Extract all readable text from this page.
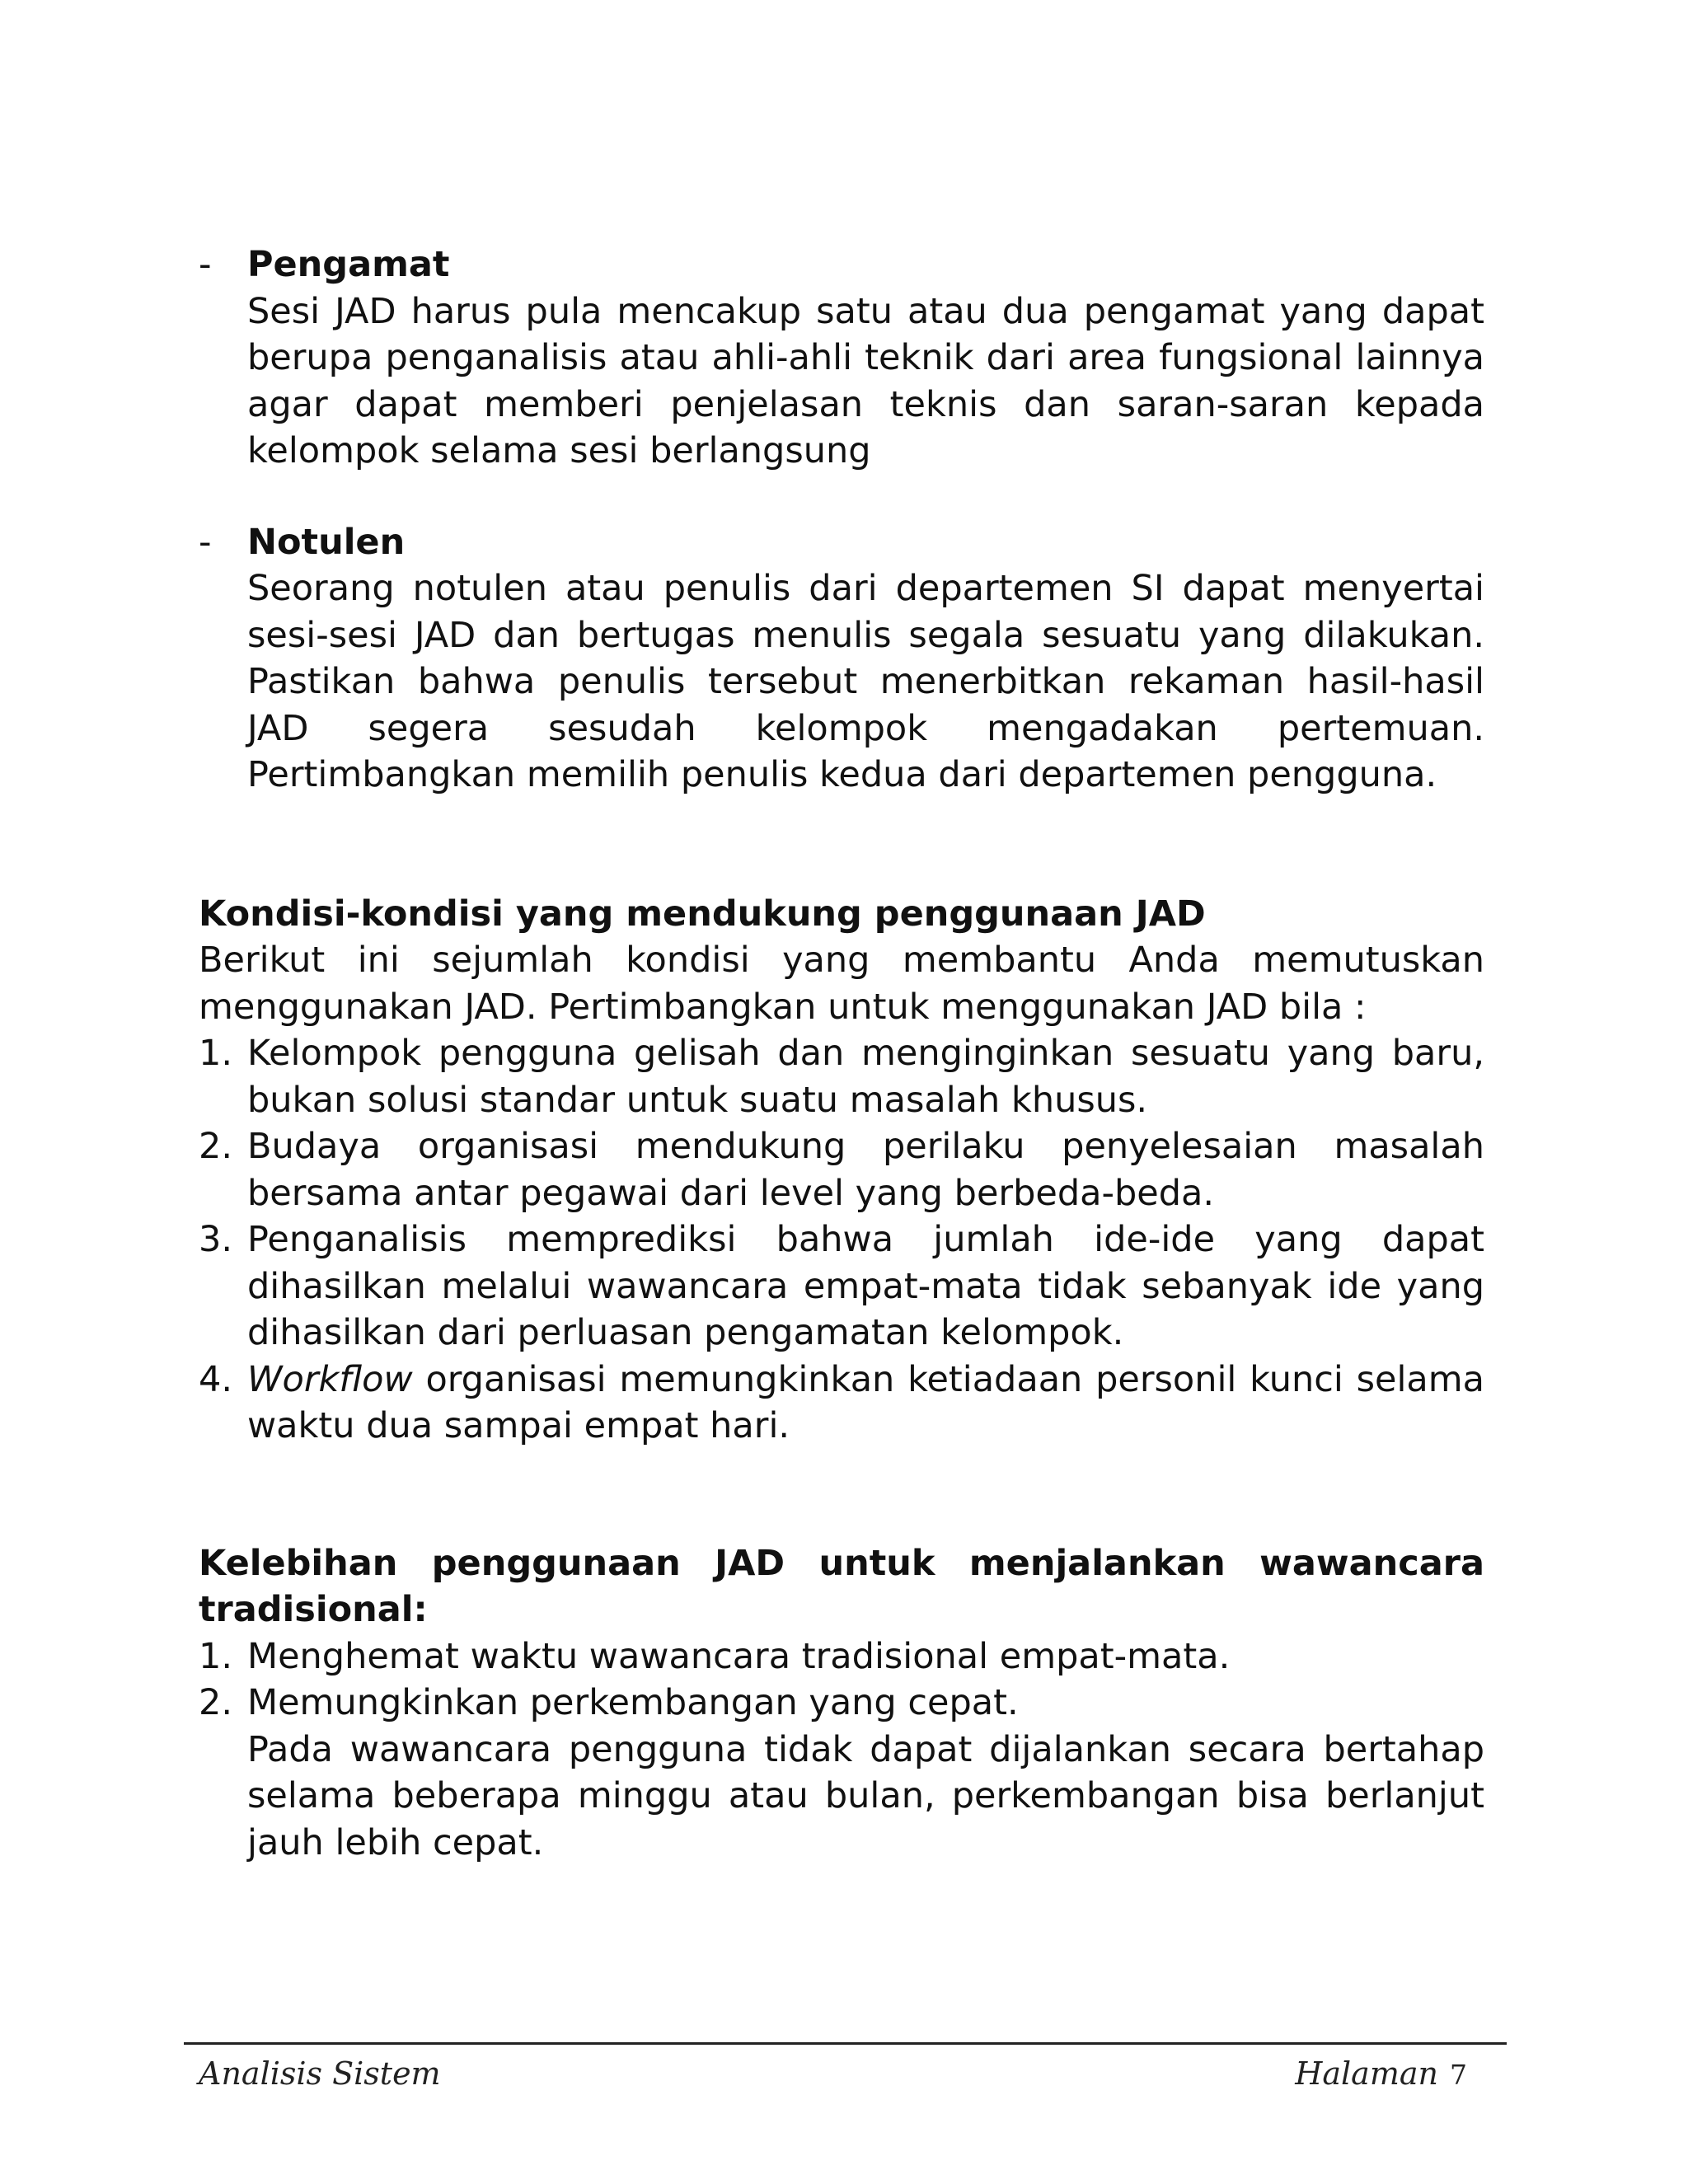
- Pengamat
Sesi JAD harus pula mencakup satu atau dua pengamat yang dapat berupa penganalisis atau ahli-ahli teknik dari area fungsional lainnya agar dapat memberi penjelasan teknis dan saran-saran kepada kelompok selama sesi berlangsung
- Notulen
Seorang notulen atau penulis dari departemen SI dapat menyertai sesi-sesi JAD dan bertugas menulis segala sesuatu yang dilakukan. Pastikan bahwa penulis tersebut menerbitkan rekaman hasil-hasil JAD segera sesudah kelompok mengadakan pertemuan. Pertimbangkan memilih penulis kedua dari departemen pengguna.
Kondisi-kondisi yang mendukung penggunaan JAD
Berikut ini sejumlah kondisi yang membantu Anda memutuskan menggunakan JAD. Pertimbangkan untuk menggunakan JAD bila :
1. Kelompok pengguna gelisah dan menginginkan sesuatu yang baru, bukan solusi standar untuk suatu masalah khusus.
2. Budaya organisasi mendukung perilaku penyelesaian masalah bersama antar pegawai dari level yang berbeda-beda.
3. Penganalisis memprediksi bahwa jumlah ide-ide yang dapat dihasilkan melalui wawancara empat-mata tidak sebanyak ide yang dihasilkan dari perluasan pengamatan kelompok.
4. Workflow organisasi memungkinkan ketiadaan personil kunci selama waktu dua sampai empat hari.
Kelebihan penggunaan JAD untuk menjalankan wawancara
tradisional:
1. Menghemat waktu wawancara tradisional empat-mata.
2. Memungkinkan perkembangan yang cepat.
Pada wawancara pengguna tidak dapat dijalankan secara bertahap selama beberapa minggu atau bulan, perkembangan bisa berlanjut jauh lebih cepat.
Analisis Sistem	Halaman 7
